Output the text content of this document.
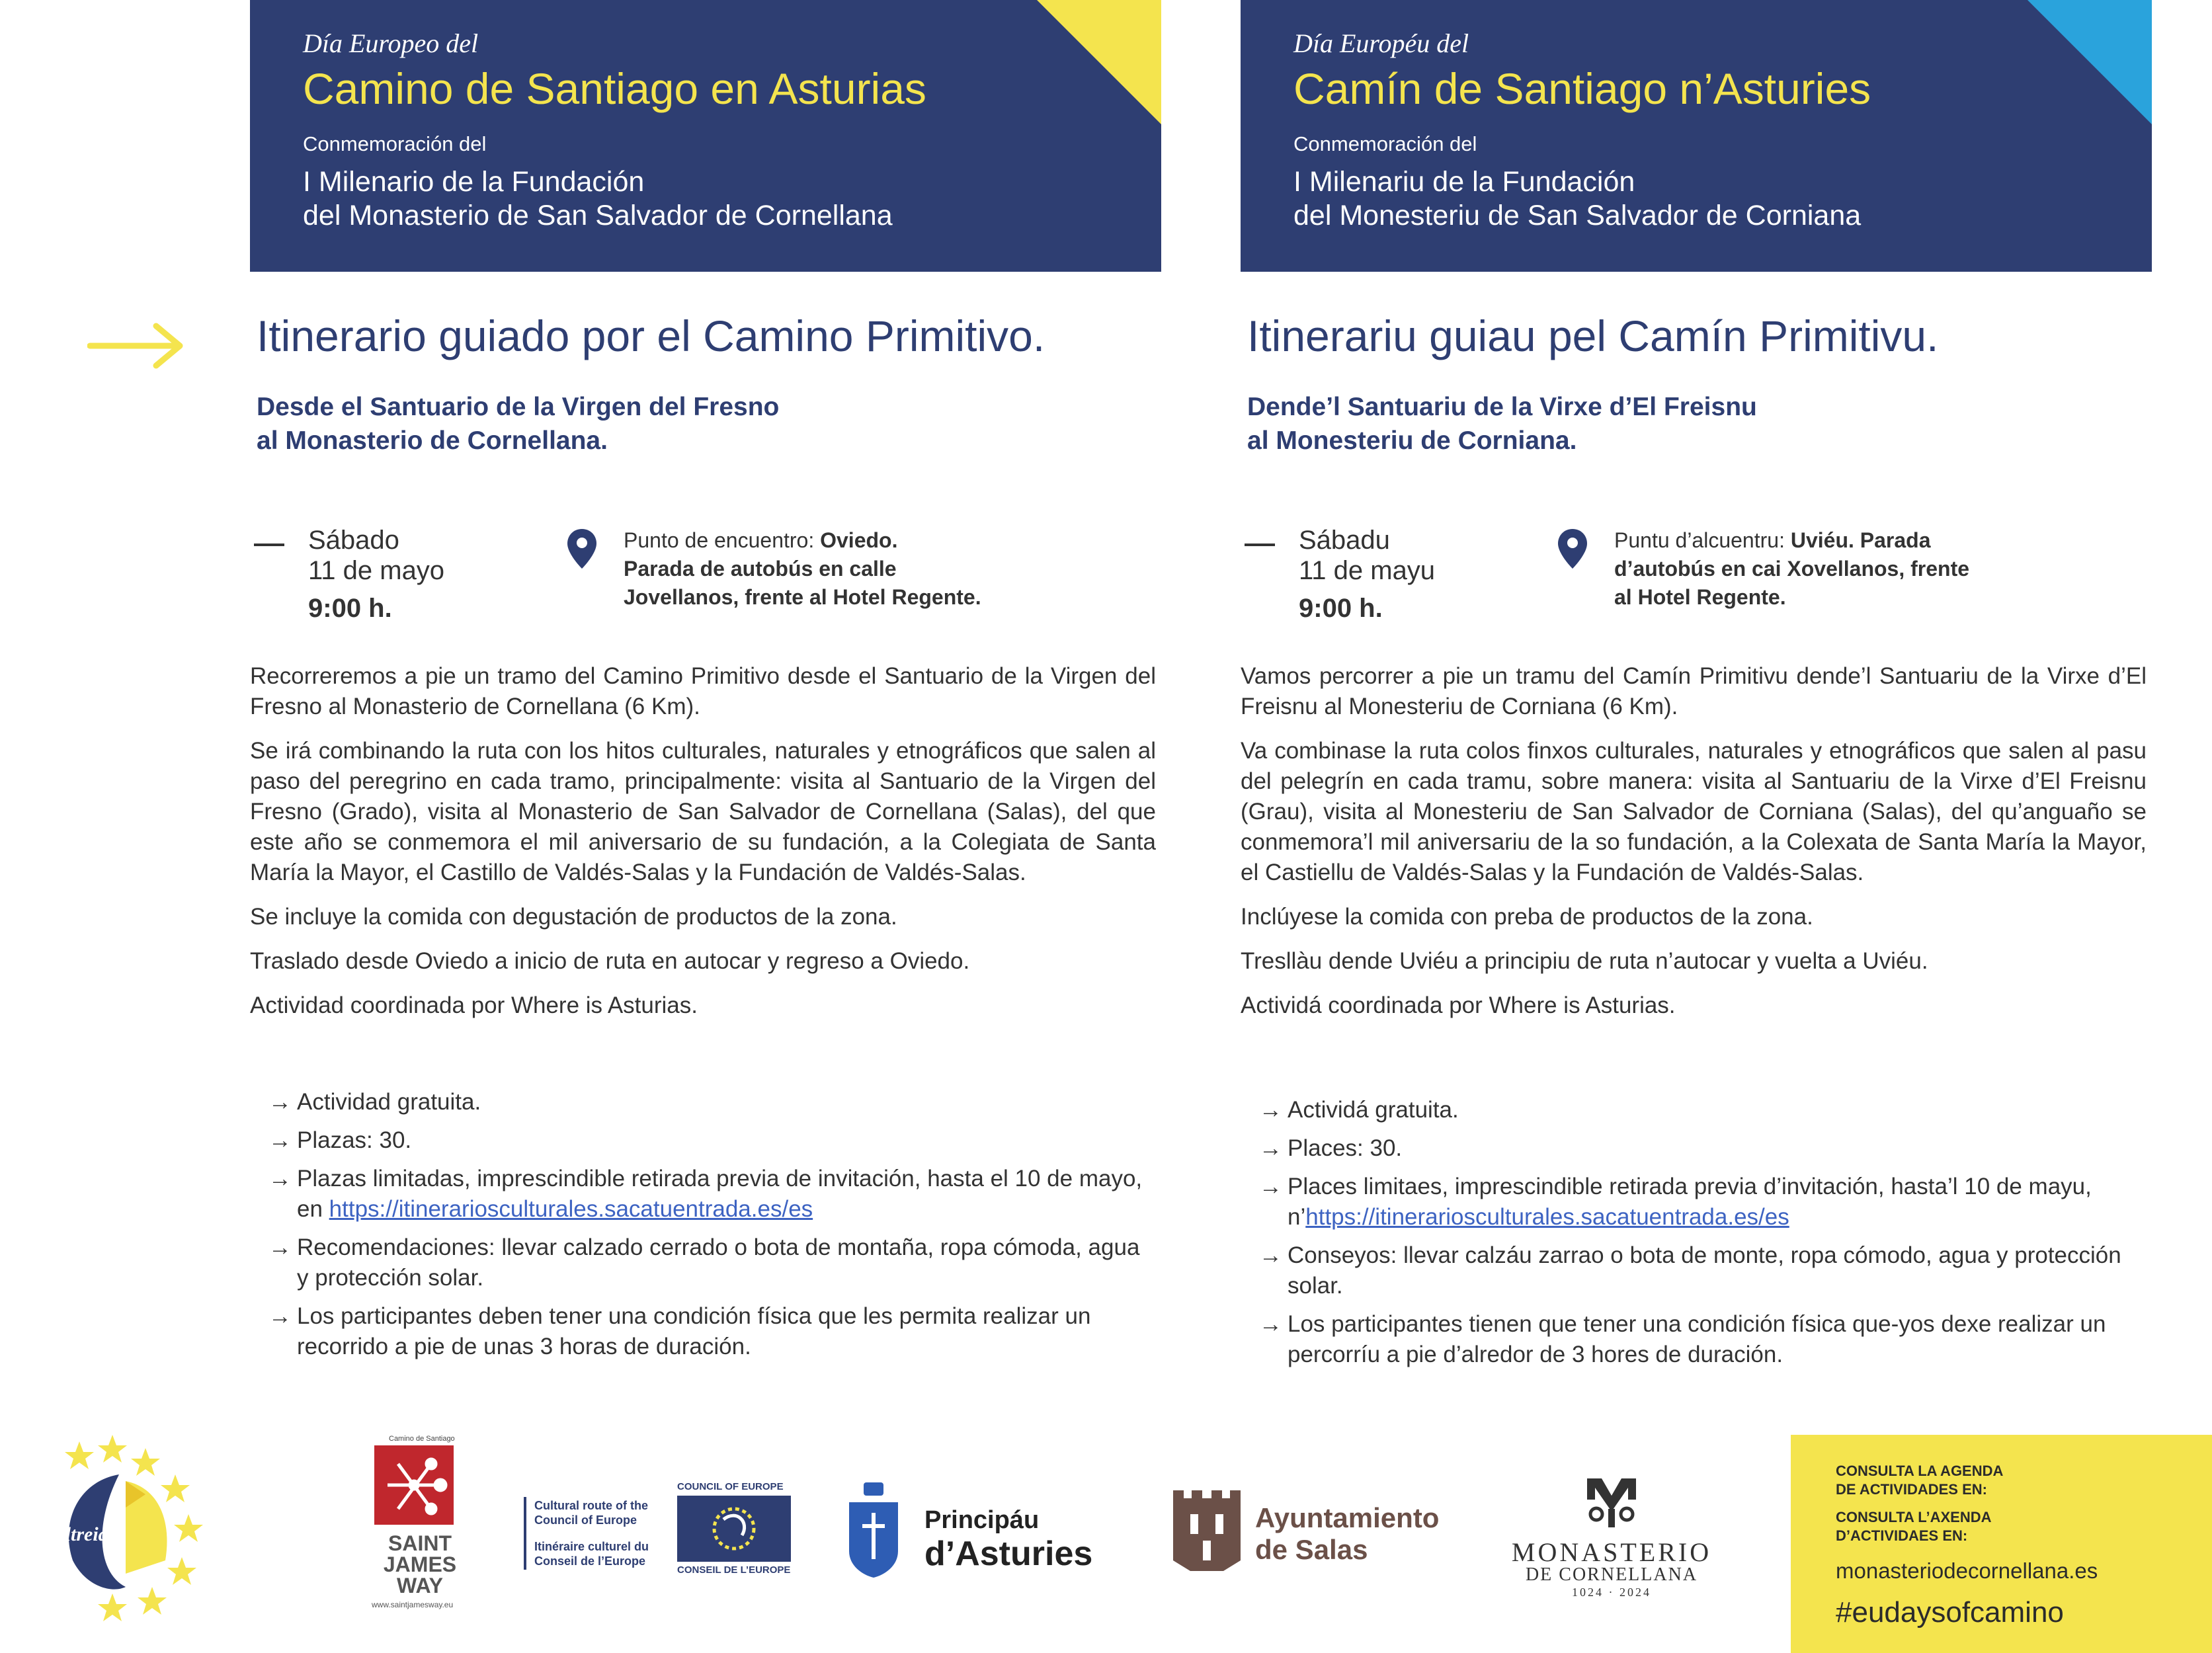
Día Europeo del
Camino de Santiago en Asturias
Conmemoración del
I Milenario de la Fundación
del Monasterio de San Salvador de Cornellana
Itinerario guiado por el Camino Primitivo.
Desde el Santuario de la Virgen del Fresno
al Monasterio de Cornellana.
Sábado
11 de mayo
9:00 h.
Punto de encuentro: Oviedo.
Parada de autobús en calle
Jovellanos, frente al Hotel Regente.

Recorreremos a pie un tramo del Camino Primitivo desde el Santuario de la Virgen del Fresno al Monasterio de Cornellana (6 Km).

Se irá combinando la ruta con los hitos culturales, naturales y etnográficos que salen al paso del peregrino en cada tramo, principalmente: visita al Santuario de la Virgen del Fresno (Grado), visita al Monasterio de San Salvador de Cornellana (Salas), del que este año se conmemora el mil aniversario de su fundación, a la Colegiata de Santa María la Mayor, el Castillo de Valdés-Salas y la Fundación de Valdés-Salas.

Se incluye la comida con degustación de productos de la zona.

Traslado desde Oviedo a inicio de ruta en autocar y regreso a Oviedo.

Actividad coordinada por Where is Asturias.

→ Actividad gratuita.
→ Plazas: 30.
→ Plazas limitadas, imprescindible retirada previa de invitación, hasta el 10 de mayo, en https://itinerariosculturales.sacatuentrada.es/es
→ Recomendaciones: llevar calzado cerrado o bota de montaña, ropa cómoda, agua y protección solar.
→ Los participantes deben tener una condición física que les permita realizar un recorrido a pie de unas 3 horas de duración.
Día Européu del
Camín de Santiago n’Asturies
Conmemoración del
I Milenariu de la Fundación
del Monesteriu de San Salvador de Corniana
Itinerariu guiau pel Camín Primitivu.
Dende’l Santuariu de la Virxe d’El Freisnu
al Monesteriu de Corniana.
Sábadu
11 de mayu
9:00 h.
Puntu d’alcuentru: Uviéu. Parada
d’autobús en cai Xovellanos, frente
al Hotel Regente.

Vamos percorrer a pie un tramu del Camín Primitivu dende’l Santuariu de la Virxe d’El Freisnu al Monesteriu de Corniana (6 Km).

Va combinase la ruta colos finxos culturales, naturales y etnográficos que salen al pasu del pelegrín en cada tramu, sobre manera: visita al Santuariu de la Virxe d’El Freisnu (Grau), visita al Monesteriu de San Salvador de Corniana (Salas), del qu’anguaño se conmemora’l mil aniversariu de la so fundación, a la Colexata de Santa María la Mayor, el Castiellu de Valdés-Salas y la Fundación de Valdés-Salas.

Inclúyese la comida con preba de productos de la zona.

Tresllàu dende Uviéu a principiu de ruta n’autocar y vuelta a Uviéu.

Actividá coordinada por Where is Asturias.

→ Actividá gratuita.
→ Places: 30.
→ Places limitaes, imprescindible retirada previa d’invitación, hasta’l 10 de mayu, n’https://itinerariosculturales.sacatuentrada.es/es
→ Conseyos: llevar calzáu zarrao o bota de monte, ropa cómodo, agua y protección solar.
→ Los participantes tienen que tener una condición física que-yos dexe realizar un percorríu a pie d’alredor de 3 hores de duración.
ultreia!
Camino de Santiago
SAINT JAMES WAY
www.saintjamesway.eu
Cultural route of the Council of Europe
Itinéraire culturel du Conseil de l’Europe
COUNCIL OF EUROPE
CONSEIL DE L’EUROPE
Principáu
d’Asturies
Ayuntamiento
de Salas	MONASTERIO
DE CORNELLANA
1024 · 2024
CONSULTA LA AGENDA
DE ACTIVIDADES EN:
CONSULTA L’AXENDA
D’ACTIVIDAES EN:
monasteriodecornellana.es
#eudaysofcamino
